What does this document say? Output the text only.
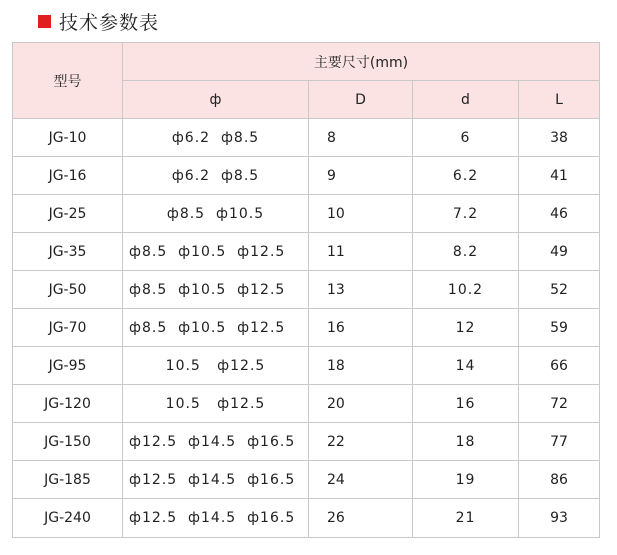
技术参数表
型号	主要尺寸(mm)			
	ф	D	d	L
JG-10	ф6.2  ф8.5	8	6	38
JG-16	ф6.2  ф8.5	9	6.2	41
JG-25	ф8.5  ф10.5	10	7.2	46
JG-35	ф8.5  ф10.5  ф12.5	11	8.2	49
JG-50	ф8.5  ф10.5  ф12.5	13	10.2	52
JG-70	ф8.5  ф10.5  ф12.5	16	12	59
JG-95	10.5   ф12.5	18	14	66
JG-120	10.5   ф12.5	20	16	72
JG-150	ф12.5  ф14.5  ф16.5	22	18	77
JG-185	ф12.5  ф14.5  ф16.5	24	19	86
JG-240	ф12.5  ф14.5  ф16.5	26	21	93
